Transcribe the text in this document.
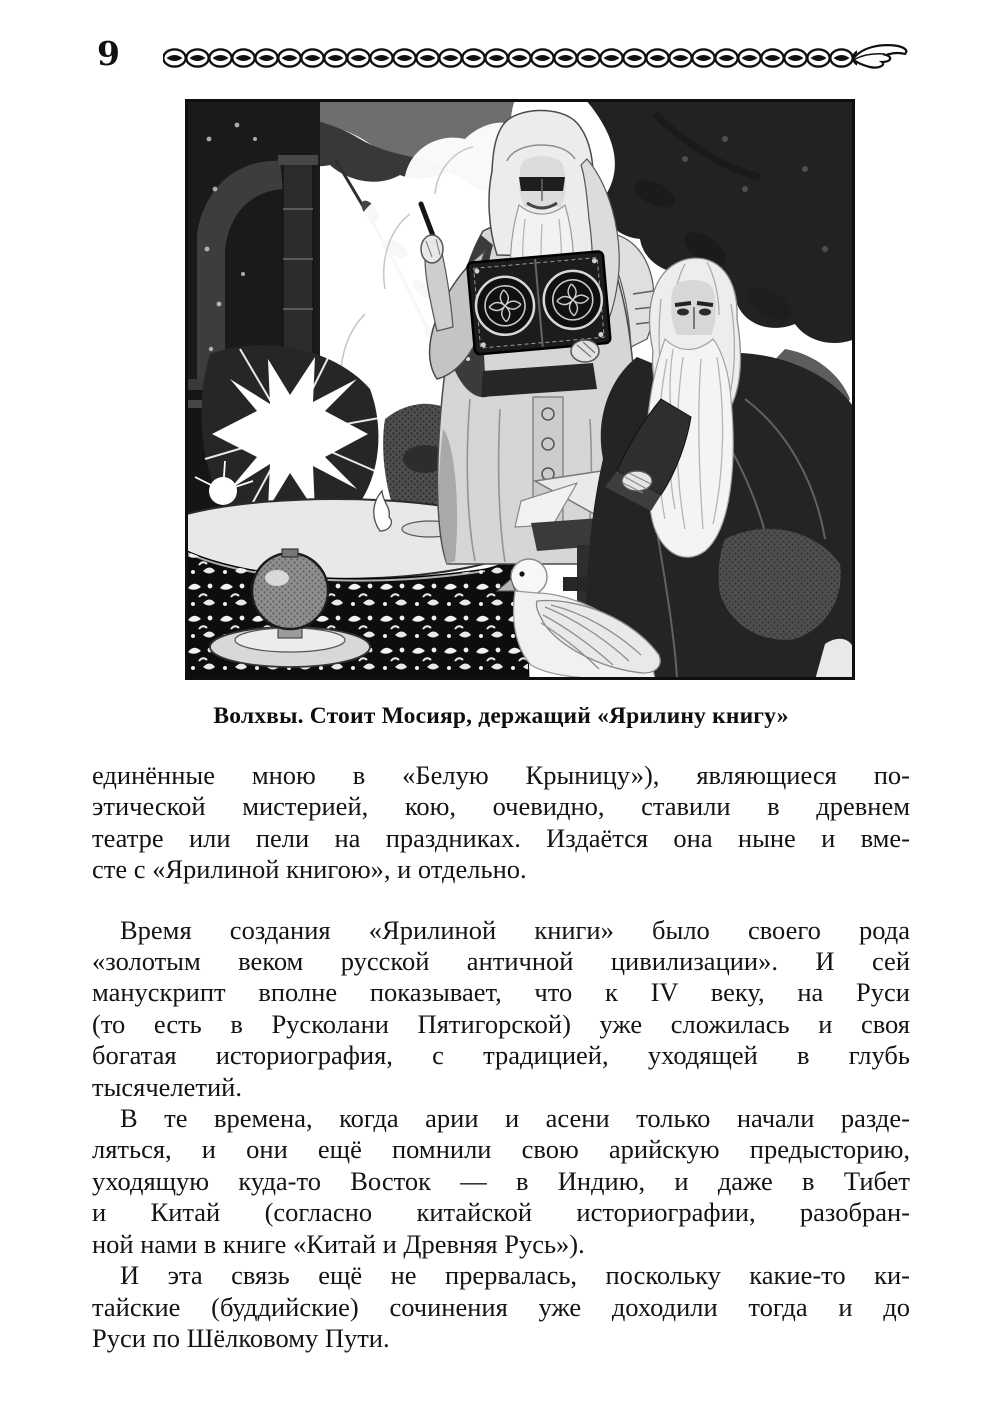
9
Волхвы. Стоит Мосияр, держащий «Ярилину книгу»
единённые мною в «Белую Крыницу»), являющиеся по-
этической мистерией, кою, очевидно, ставили в древнем
театре или пели на праздниках. Издаётся она ныне и вме-
сте с «Ярилиной книгою», и отдельно.
Время создания «Ярилиной книги» было своего рода
«золотым веком русской античной цивилизации». И сей
манускрипт вполне показывает, что к IV веку, на Руси
(то есть в Русколани Пятигорской) уже сложилась и своя
богатая историография, с традицией, уходящей в глубь
тысячелетий.
В те времена, когда арии и асени только начали разде-
ляться, и они ещё помнили свою арийскую предысторию,
уходящую куда-то Восток — в Индию, и даже в Тибет
и Китай (согласно китайской историографии, разобран-
ной нами в книге «Китай и Древняя Русь»).
И эта связь ещё не прервалась, поскольку какие-то ки-
тайские (буддийские) сочинения уже доходили тогда и до
Руси по Шёлковому Пути.
